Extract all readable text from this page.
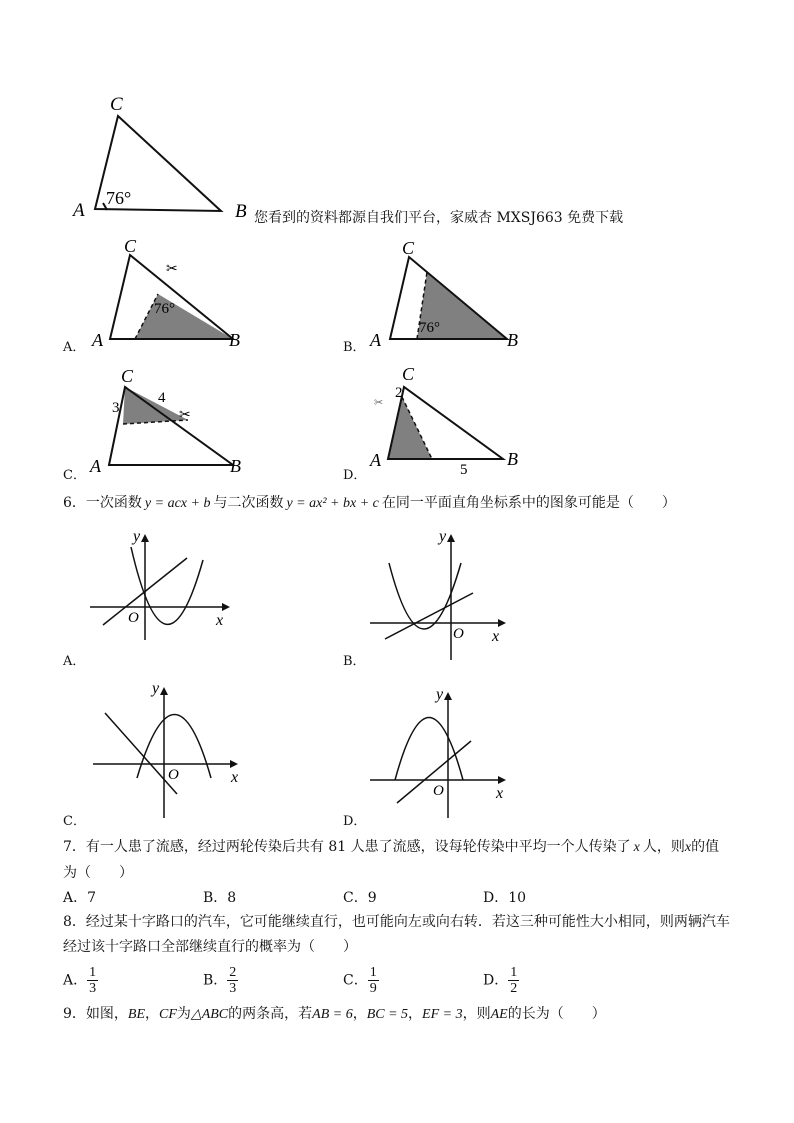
C
A	B
76°
您看到的资料都源自我们平台，家威杏 MXSJ663 免费下载
A．
✂
C
A	B
76°
B．
C
A	B
76°
C．
✂
C
A	B
3
4
D．
✂
C
A	B
2
5
6．一次函数 y = acx + b 与二次函数 y = ax² + bx + c 在同一平面直角坐标系中的图象可能是（　　）
A．
y
x
O
B．
y
x
O
C．
y
x
O
D．
y
x
O
7．有一人患了流感，经过两轮传染后共有 81 人患了流感，设每轮传染中平均一个人传染了 x 人，则x的值
为（　　）
A．7	B．8	C．9	D．10
8．经过某十字路口的汽车，它可能继续直行，也可能向左或向右转．若这三种可能性大小相同，则两辆汽车
经过该十字路口全部继续直行的概率为（　　）
A． $\frac{1}{3}$	B． $\frac{2}{3}$	C． $\frac{1}{9}$	D． $\frac{1}{2}$
9．如图，BE，CF为△ABC的两条高，若AB = 6，BC = 5，EF = 3，则AE的长为（　　）
